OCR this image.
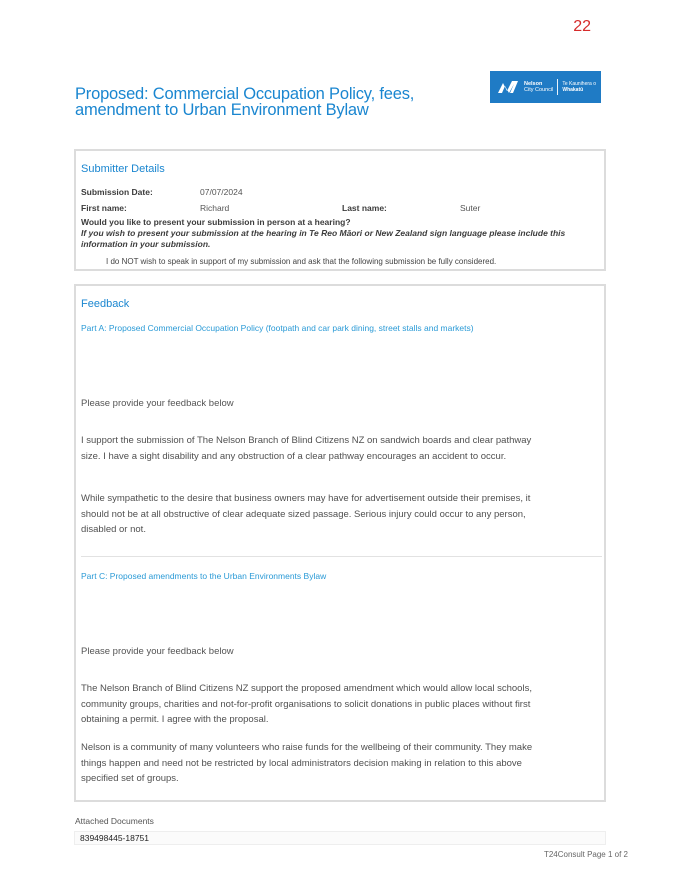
22
Proposed: Commercial Occupation Policy, fees, amendment to Urban Environment Bylaw
Nelson
City Council
Te Kaunihera o
Whakatū
Submitter Details
Submission Date:	07/07/2024
First name:	Richard	Last name:	Suter
Would you like to present your submission in person at a hearing?
If you wish to present your submission at the hearing in Te Reo Māori or New Zealand sign language please include this information in your submission.
I do NOT wish to speak in support of my submission and ask that the following submission be fully considered.
Feedback
Part A: Proposed Commercial Occupation Policy (footpath and car park dining, street stalls and markets)
Please provide your feedback below

I support the submission of The Nelson Branch of Blind Citizens NZ on sandwich boards and clear pathway size. I have a sight disability and any obstruction of a clear pathway encourages an accident to occur.

While sympathetic to the desire that business owners may have for advertisement outside their premises, it should not be at all obstructive of clear adequate sized passage. Serious injury could occur to any person, disabled or not.

Part C: Proposed amendments to the Urban Environments Bylaw
Please provide your feedback below

The Nelson Branch of Blind Citizens NZ support the proposed amendment which would allow local schools, community groups, charities and not-for-profit organisations to solicit donations in public places without first obtaining a permit. I agree with the proposal.

Nelson is a community of many volunteers who raise funds for the wellbeing of their community. They make things happen and need not be restricted by local administrators decision making in relation to this above specified set of groups.

Attached Documents
839498445-18751
T24Consult Page 1 of 2
